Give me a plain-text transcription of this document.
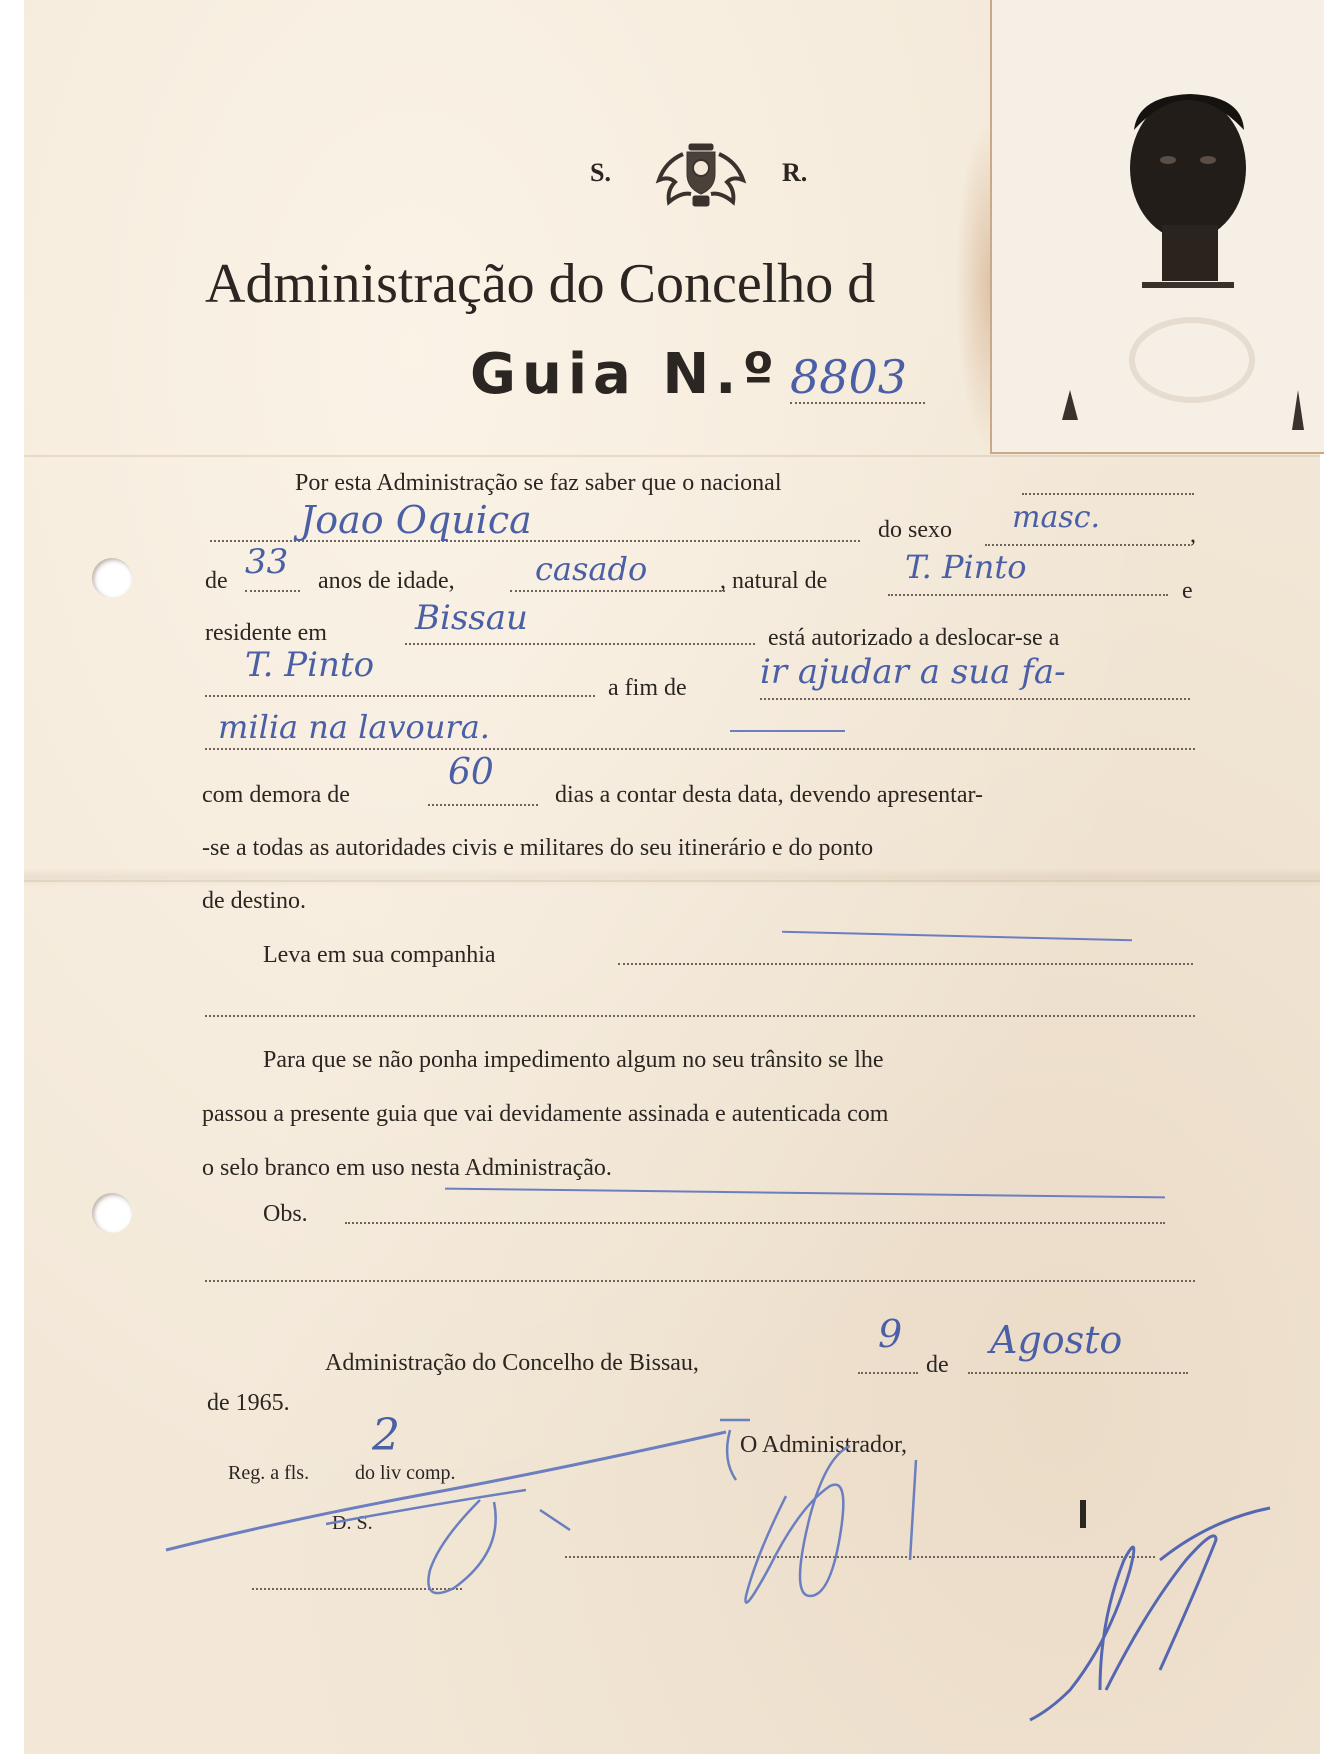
S.	R.
Administração do Concelho d
Guia N.º 8803
Por esta Administração se faz saber que o nacional
Joao Oquica	do sexo masc.	,
de 33 anos de idade,	casado	, natural de T. Pinto
e
residente em	Bissau	está autorizado a deslocar-se a
T. Pinto
a fim de ir ajudar a sua fa-
milia na lavoura.
com demora de
60
dias a contar desta data, devendo apresentar-
-se a todas as autoridades civis e militares do seu itinerário e do ponto
de destino.
Leva em sua companhia
Para que se não ponha impedimento algum no seu trânsito se lhe
passou a presente guia que vai devidamente assinada e autenticada com
o selo branco em uso nesta Administração.
Obs.
Administração do Concelho de Bissau,
9
de
Agosto
de 1965.
Reg. a fls.
2
do liv comp.
D. S.
O Administrador,
